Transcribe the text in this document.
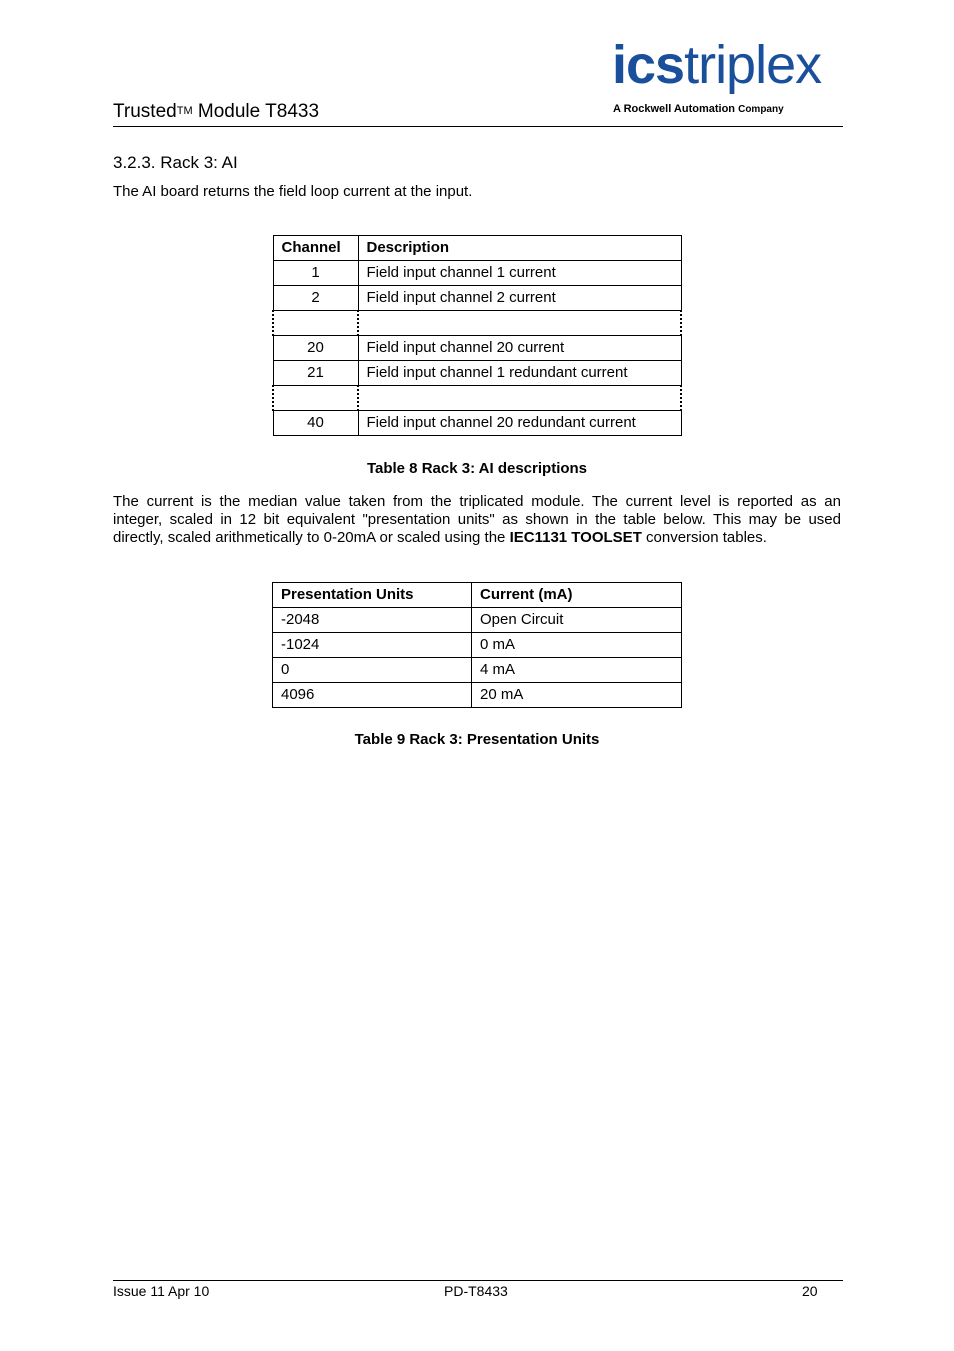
Trusted™ Module T8433
icstriplex
A Rockwell Automation Company
3.2.3. Rack 3: AI
The AI board returns the field loop current at the input.
Channel	Description
1	Field input channel 1 current
2	Field input channel 2 current

20	Field input channel 20 current
21	Field input channel 1 redundant current

40	Field input channel 20 redundant current
Table 8 Rack 3: AI descriptions
The current is the median value taken from the triplicated module. The current level is reported as an
integer, scaled in 12 bit equivalent "presentation units" as shown in the table below. This may be used
directly, scaled arithmetically to 0-20mA or scaled using the IEC1131 TOOLSET conversion tables.
Presentation Units	Current (mA)
-2048	Open Circuit
-1024	0 mA
0	4 mA
4096	20 mA
Table 9 Rack 3: Presentation Units
Issue 11 Apr 10	PD-T8433	20
